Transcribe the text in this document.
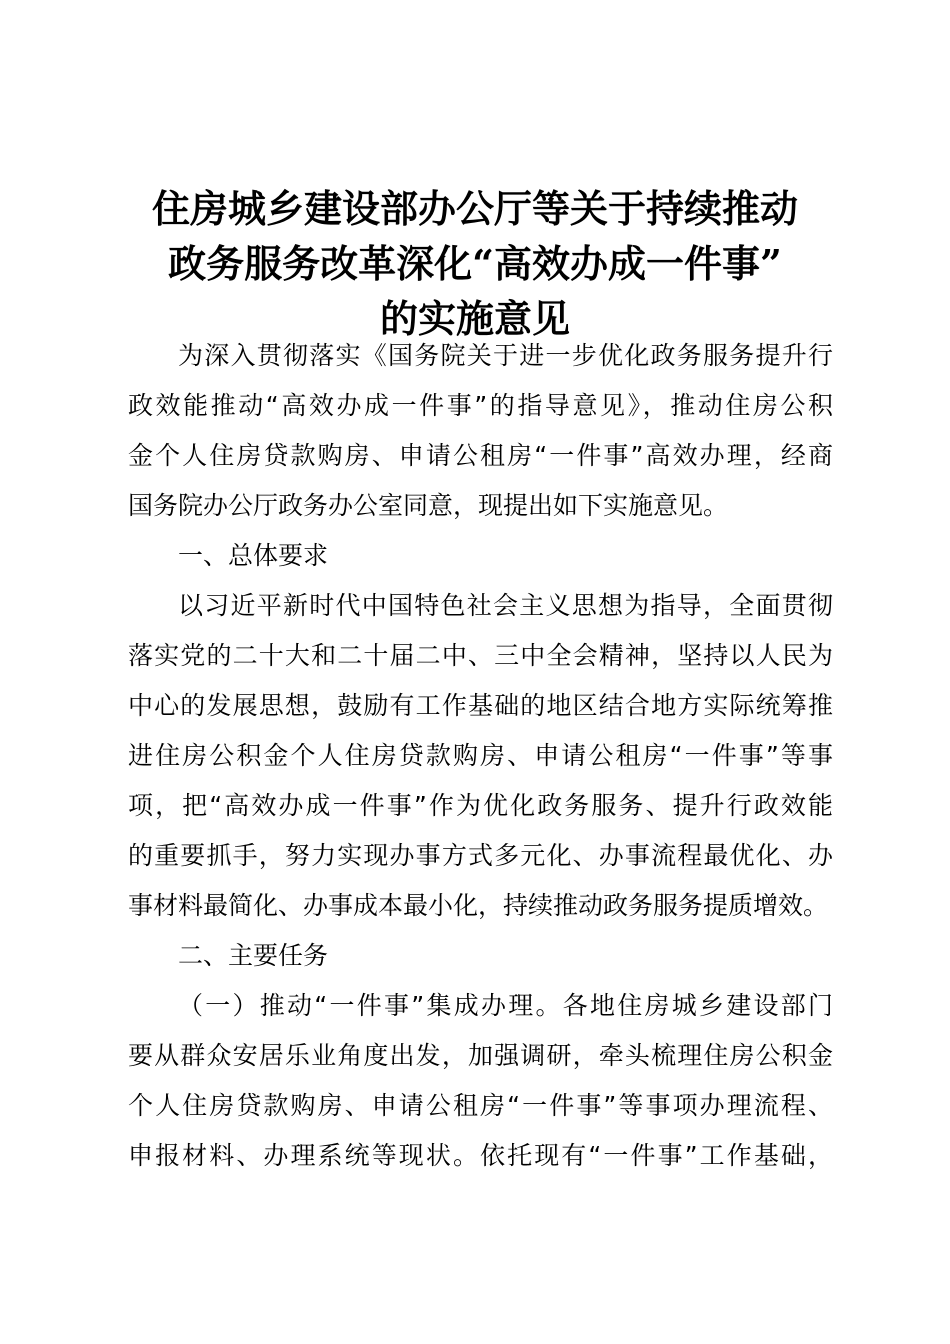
住房城乡建设部办公厅等关于持续推动
政务服务改革深化“高效办成一件事”
的实施意见
为深入贯彻落实《国务院关于进一步优化政务服务提升行
政效能推动“高效办成一件事”的指导意见》，推动住房公积
金个人住房贷款购房、申请公租房“一件事”高效办理，经商
国务院办公厅政务办公室同意，现提出如下实施意见。
一、总体要求
以习近平新时代中国特色社会主义思想为指导，全面贯彻
落实党的二十大和二十届二中、三中全会精神，坚持以人民为
中心的发展思想，鼓励有工作基础的地区结合地方实际统筹推
进住房公积金个人住房贷款购房、申请公租房“一件事”等事
项，把“高效办成一件事”作为优化政务服务、提升行政效能
的重要抓手，努力实现办事方式多元化、办事流程最优化、办
事材料最简化、办事成本最小化，持续推动政务服务提质增效。
二、主要任务
（一）推动“一件事”集成办理。各地住房城乡建设部门
要从群众安居乐业角度出发，加强调研，牵头梳理住房公积金
个人住房贷款购房、申请公租房“一件事”等事项办理流程、
申报材料、办理系统等现状。依托现有“一件事”工作基础，
